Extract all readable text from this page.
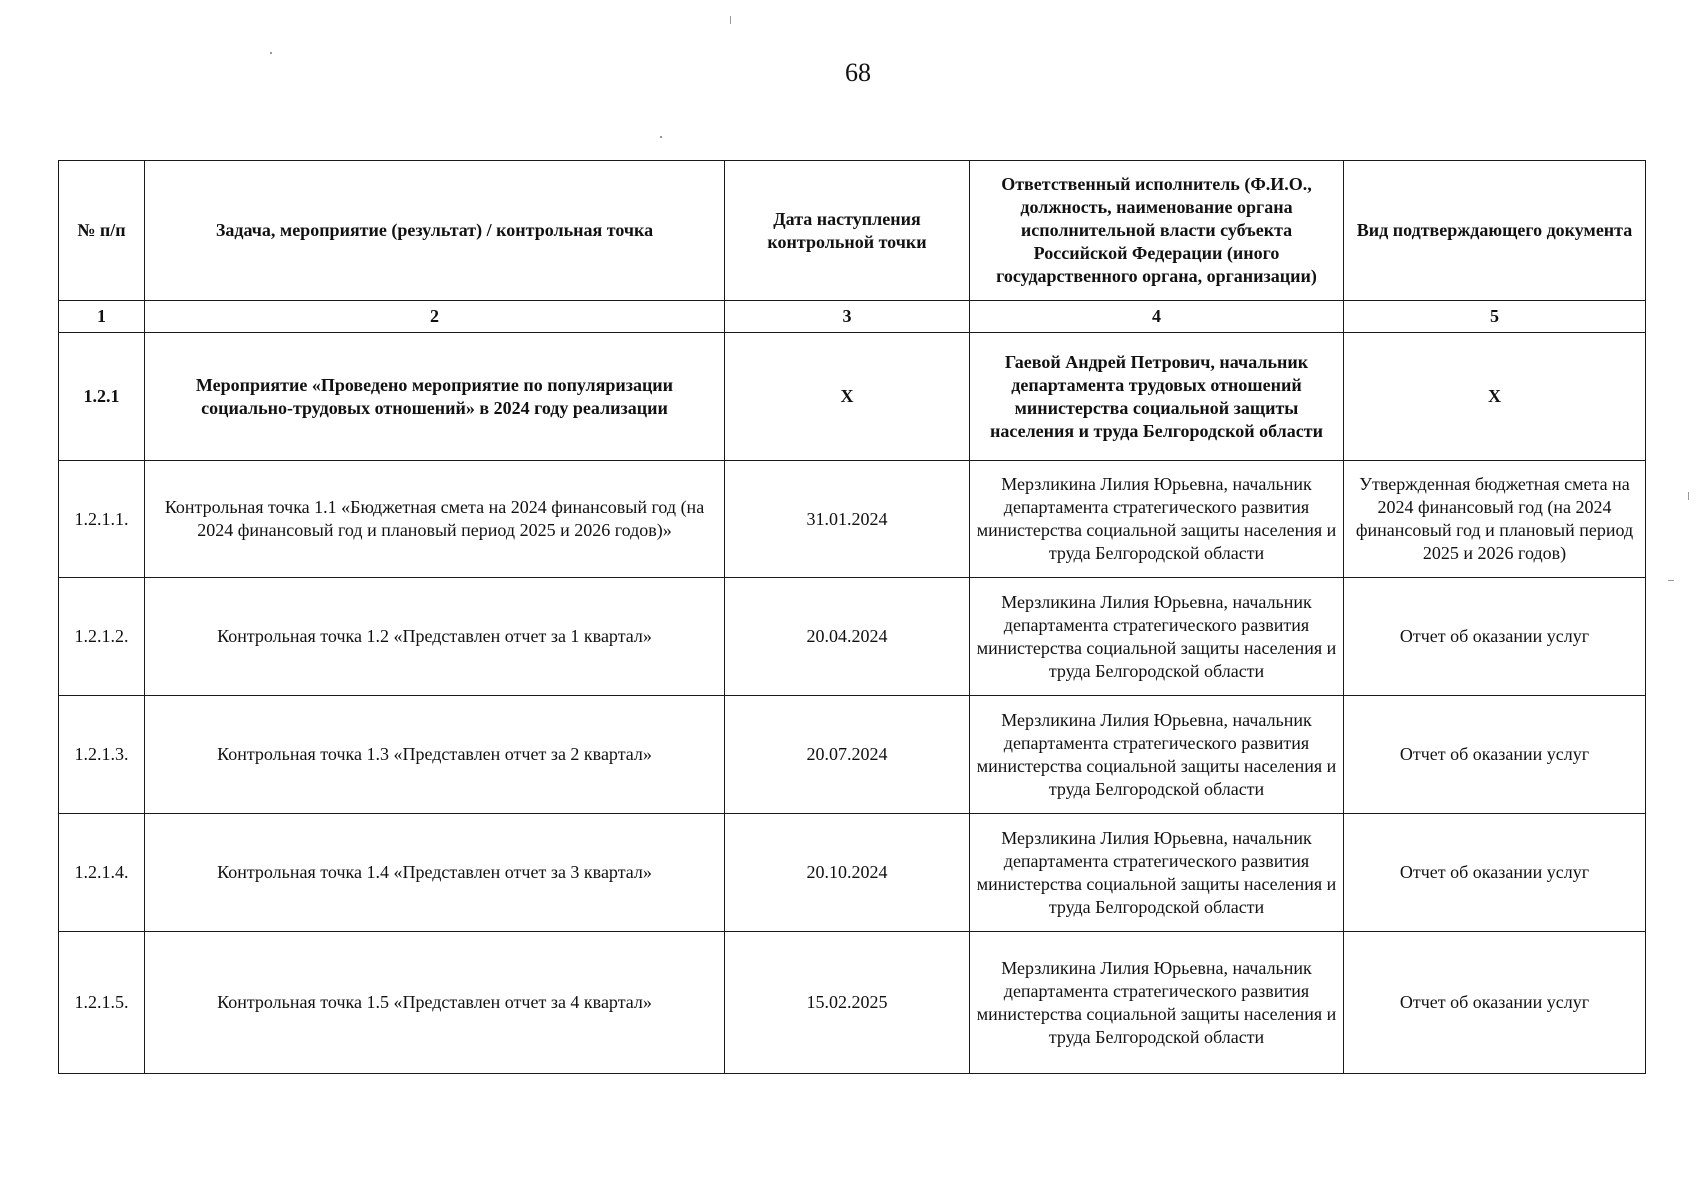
68
№ п/п	Задача, мероприятие (результат) / контрольная точка	Дата наступления контрольной точки	Ответственный исполнитель (Ф.И.О., должность, наименование органа исполнительной власти субъекта Российской Федерации (иного государственного органа, организации)	Вид подтверждающего документа
1	2	3	4	5
1.2.1	Мероприятие «Проведено мероприятие по популяризации социально-трудовых отношений» в 2024 году реализации	X	Гаевой Андрей Петрович, начальник департамента трудовых отношений министерства социальной защиты населения и труда Белгородской области	X
1.2.1.1.	Контрольная точка 1.1 «Бюджетная смета на 2024 финансовый год (на 2024 финансовый год и плановый период 2025 и 2026 годов)»	31.01.2024	Мерзликина Лилия Юрьевна, начальник департамента стратегического развития министерства социальной защиты населения и труда Белгородской области	Утвержденная бюджетная смета на 2024 финансовый год (на 2024 финансовый год и плановый период 2025 и 2026 годов)
1.2.1.2.	Контрольная точка 1.2 «Представлен отчет за 1 квартал»	20.04.2024	Мерзликина Лилия Юрьевна, начальник департамента стратегического развития министерства социальной защиты населения и труда Белгородской области	Отчет об оказании услуг
1.2.1.3.	Контрольная точка 1.3 «Представлен отчет за 2 квартал»	20.07.2024	Мерзликина Лилия Юрьевна, начальник департамента стратегического развития министерства социальной защиты населения и труда Белгородской области	Отчет об оказании услуг
1.2.1.4.	Контрольная точка 1.4 «Представлен отчет за 3 квартал»	20.10.2024	Мерзликина Лилия Юрьевна, начальник департамента стратегического развития министерства социальной защиты населения и труда Белгородской области	Отчет об оказании услуг
1.2.1.5.	Контрольная точка 1.5 «Представлен отчет за 4 квартал»	15.02.2025	Мерзликина Лилия Юрьевна, начальник департамента стратегического развития министерства социальной защиты населения и труда Белгородской области	Отчет об оказании услуг
